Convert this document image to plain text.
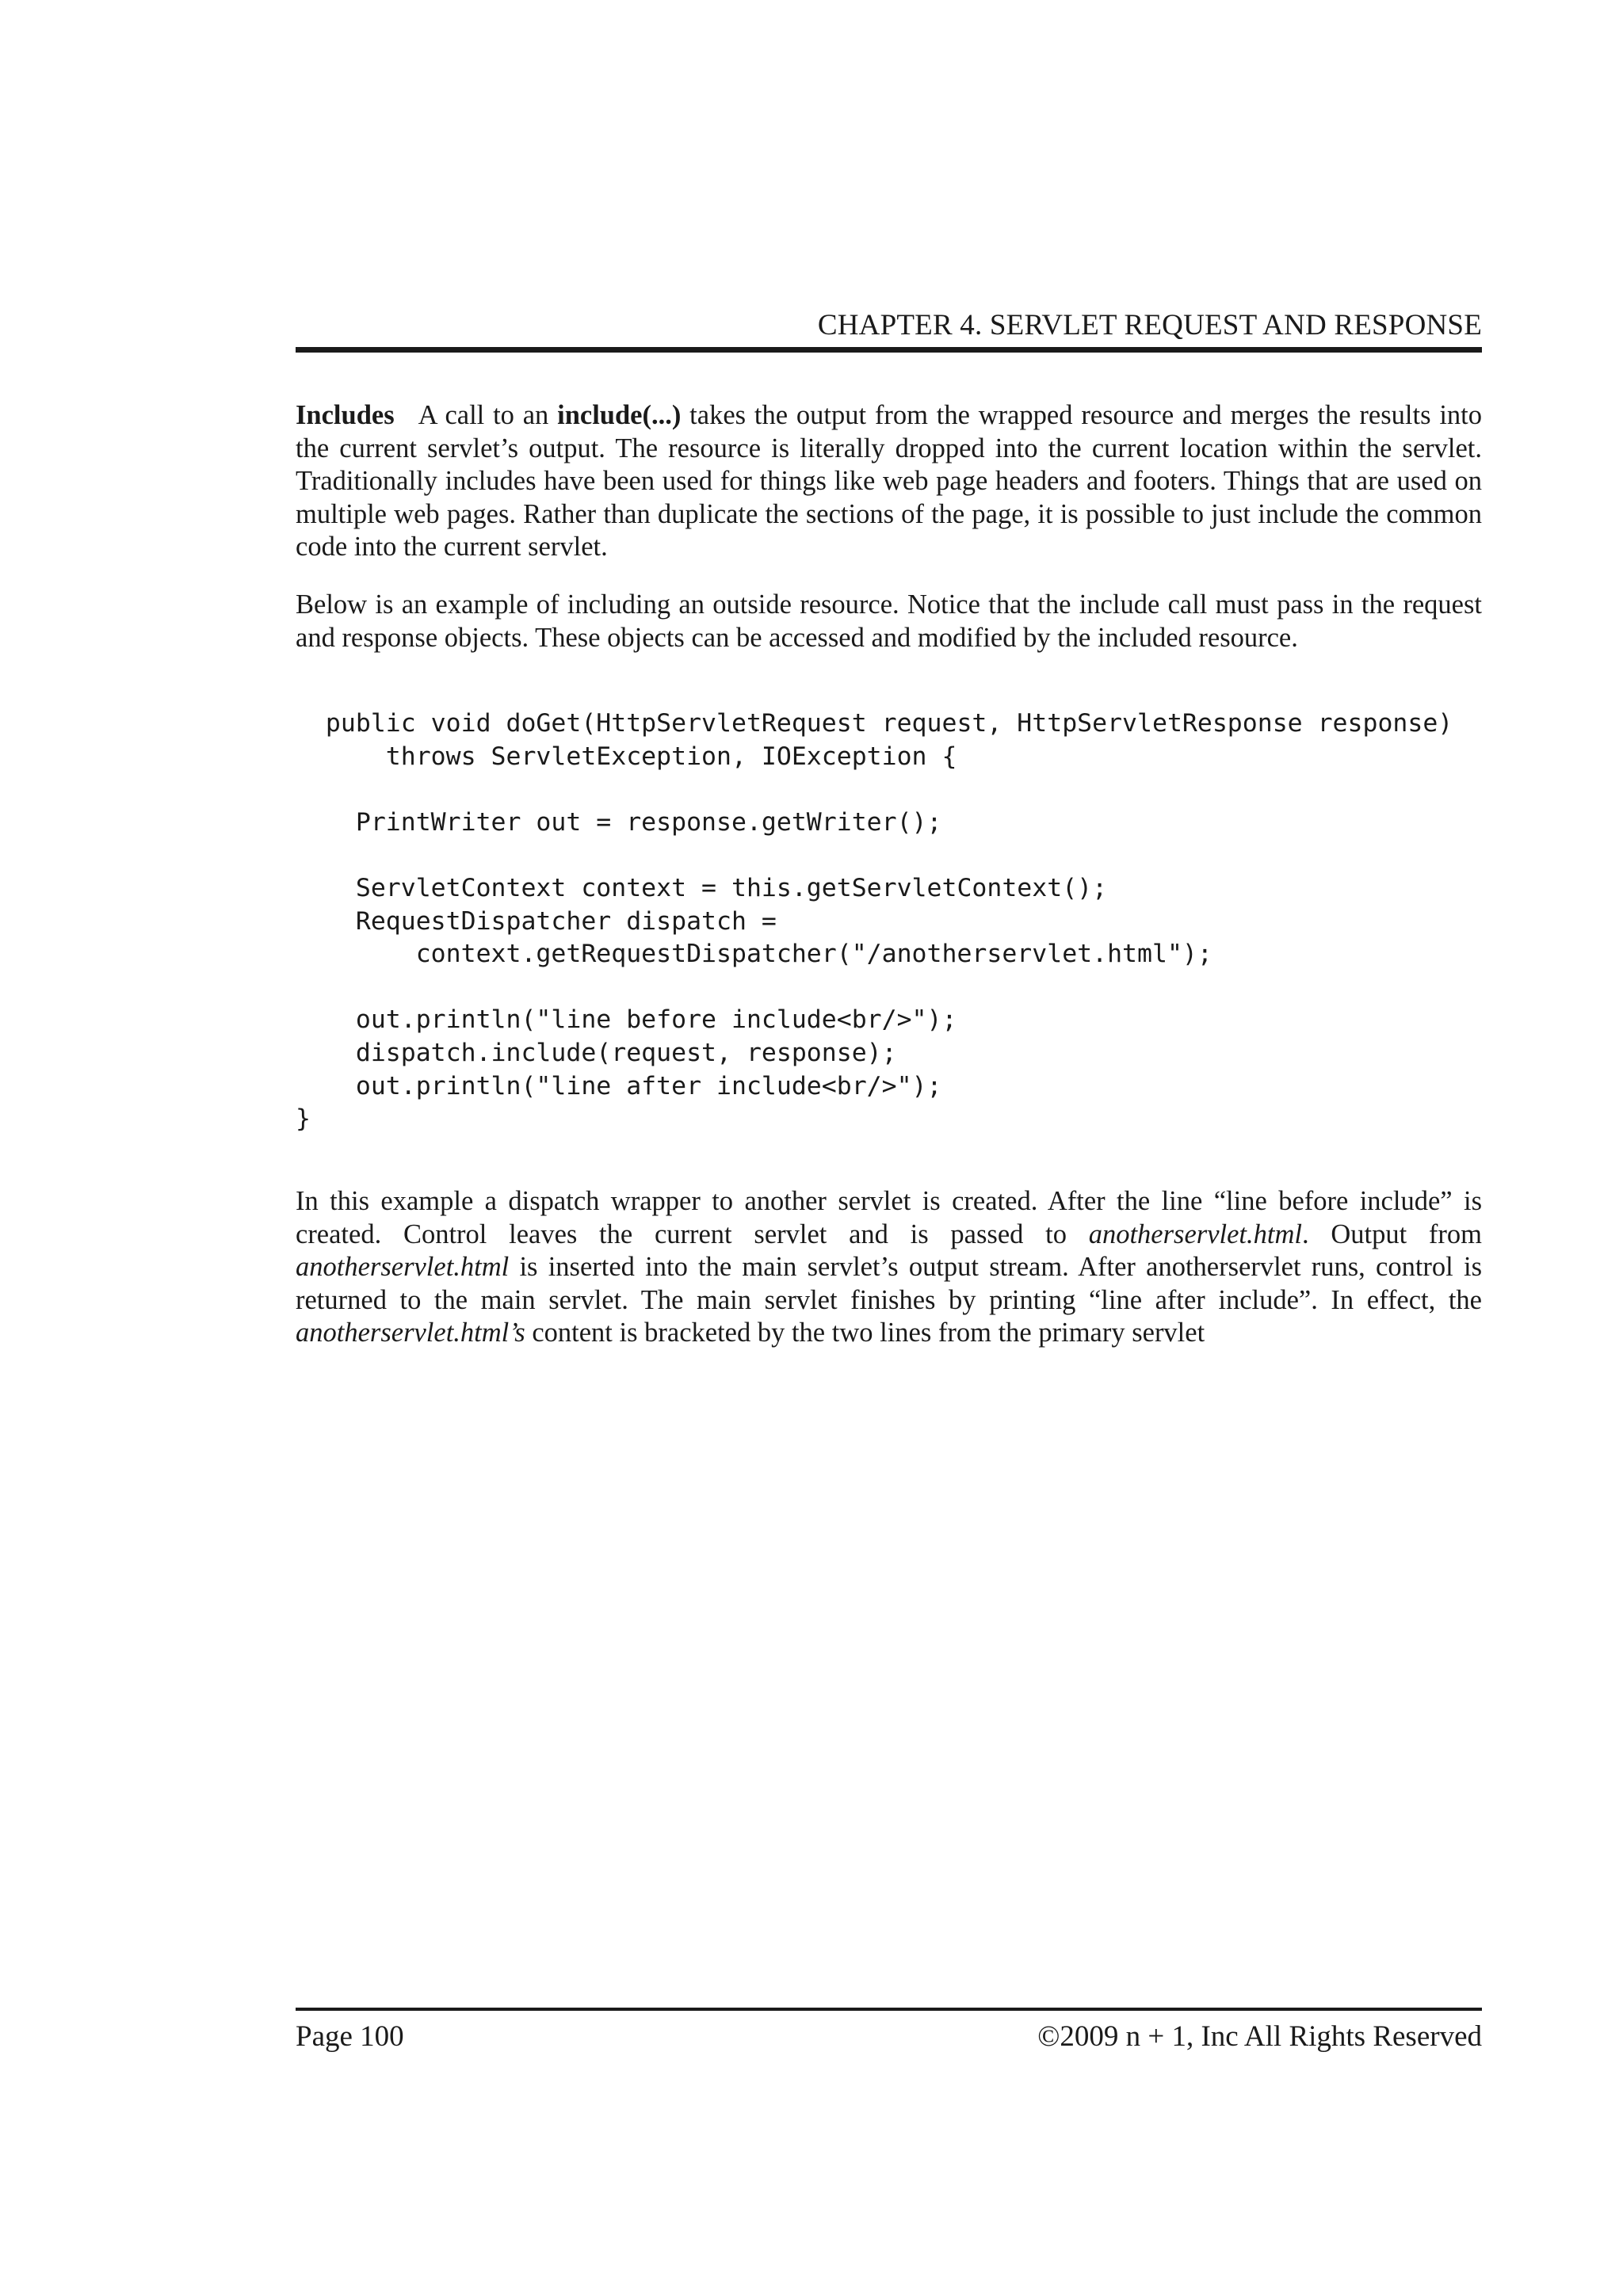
CHAPTER 4. SERVLET REQUEST AND RESPONSE

Includes A call to an include(...) takes the output from the wrapped resource and merges the results into the current servlet’s output. The resource is literally dropped into the current location within the servlet. Traditionally includes have been used for things like web page headers and footers. Things that are used on multiple web pages. Rather than duplicate the sections of the page, it is possible to just include the common code into the current servlet.

Below is an example of including an outside resource. Notice that the include call must pass in the request and response objects. These objects can be accessed and modified by the included resource.

public void doGet(HttpServletRequest request, HttpServletResponse response)
throws ServletException, IOException {
PrintWriter out = response.getWriter();
ServletContext context = this.getServletContext();
RequestDispatcher dispatch =
context.getRequestDispatcher("/anotherservlet.html");
out.println("line before include<br/>");
dispatch.include(request, response);
out.println("line after include<br/>");
}

In this example a dispatch wrapper to another servlet is created. After the line “line before include” is created. Control leaves the current servlet and is passed to anotherservlet.html. Output from anotherservlet.html is inserted into the main servlet’s output stream. After anotherservlet runs, control is returned to the main servlet. The main servlet finishes by printing “line after include”. In effect, the anotherservlet.html’s content is bracketed by the two lines from the primary servlet

Page 100	©2009 n + 1, Inc All Rights Reserved
